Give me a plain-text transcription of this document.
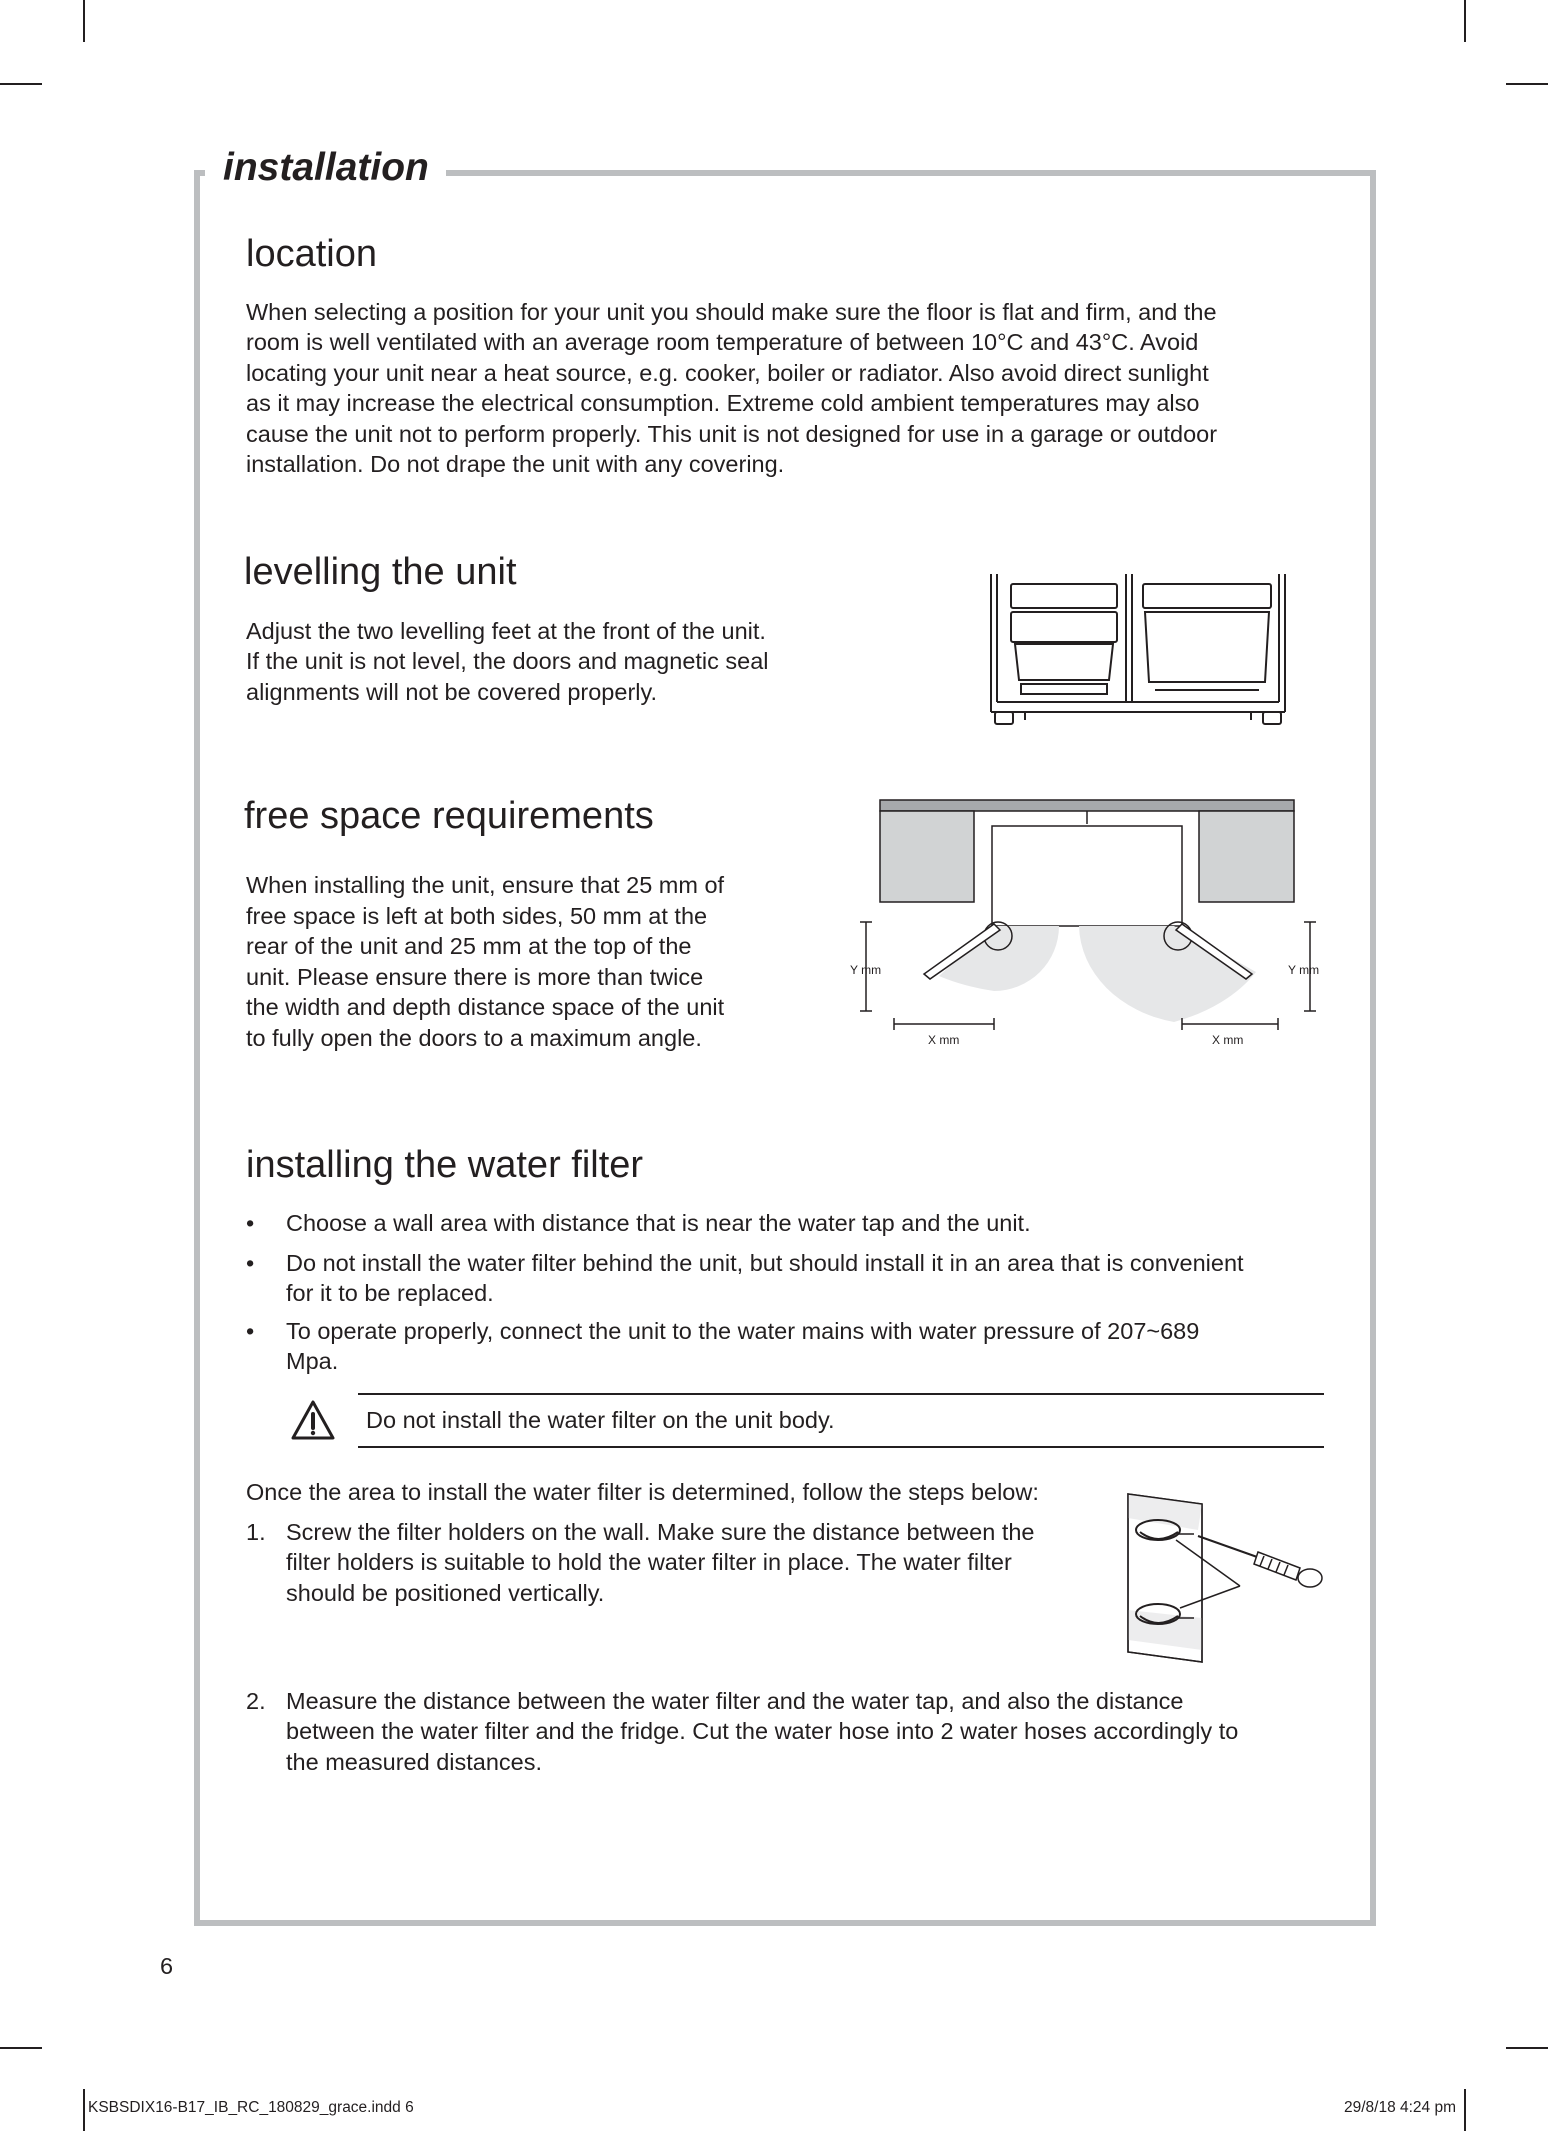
installation
location

When selecting a position for your unit you should make sure the floor is flat and firm, and the

room is well ventilated with an average room temperature of between 10°C and 43°C. Avoid

locating your unit near a heat source, e.g. cooker, boiler or radiator. Also avoid direct sunlight

as it may increase the electrical consumption. Extreme cold ambient temperatures may also

cause the unit not to perform properly. This unit is not designed for use in a garage or outdoor

installation. Do not drape the unit with any covering.

levelling the unit

Adjust the two levelling feet at the front of the unit.

If the unit is not level, the doors and magnetic seal

alignments will not be covered properly.

free space requirements

When installing the unit, ensure that 25 mm of

free space is left at both sides, 50 mm at the

rear of the unit and 25 mm at the top of the

unit. Please ensure there is more than twice

the width and depth distance space of the unit

to fully open the doors to a maximum angle.

Y mm	Y mm
X mm	X mm
installing the water filter
• Choose a wall area with distance that is near the water tap and the unit.

• Do not install the water filter behind the unit, but should install it in an area that is convenient

for it to be replaced.

• To operate properly, connect the unit to the water mains with water pressure of 207~689

Mpa.

Do not install the water filter on the unit body.

Once the area to install the water filter is determined, follow the steps below:

1. Screw the filter holders on the wall. Make sure the distance between the

filter holders is suitable to hold the water filter in place. The water filter

should be positioned vertically.

2. Measure the distance between the water filter and the water tap, and also the distance

between the water filter and the fridge. Cut the water hose into 2 water hoses accordingly to

the measured distances.

6
KSBSDIX16-B17_IB_RC_180829_grace.indd 6	29/8/18 4:24 pm
